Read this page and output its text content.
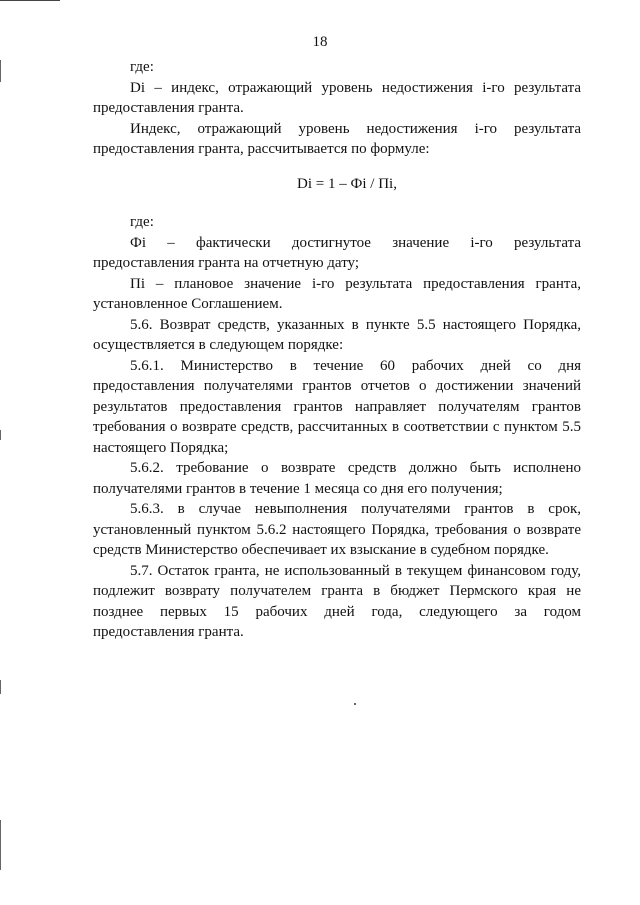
18

где:

Di – индекс, отражающий уровень недостижения i-го результата предоставления гранта.

Индекс, отражающий уровень недостижения i-го результата предоставления гранта, рассчитывается по формуле:

Di = 1 – Фi / Пi,

где:

Фi – фактически достигнутое значение i-го результата предоставления гранта на отчетную дату;

Пi – плановое значение i-го результата предоставления гранта, установленное Соглашением.

5.6. Возврат средств, указанных в пункте 5.5 настоящего Порядка, осуществляется в следующем порядке:

5.6.1. Министерство в течение 60 рабочих дней со дня предоставления получателями грантов отчетов о достижении значений результатов предоставления грантов направляет получателям грантов требования о возврате средств, рассчитанных в соответствии с пунктом 5.5 настоящего Порядка;

5.6.2. требование о возврате средств должно быть исполнено получателями грантов в течение 1 месяца со дня его получения;

5.6.3. в случае невыполнения получателями грантов в срок, установленный пунктом 5.6.2 настоящего Порядка, требования о возврате средств Министерство обеспечивает их взыскание в судебном порядке.

5.7. Остаток гранта, не использованный в текущем финансовом году, подлежит возврату получателем гранта в бюджет Пермского края не позднее первых 15 рабочих дней года, следующего за годом предоставления гранта.
